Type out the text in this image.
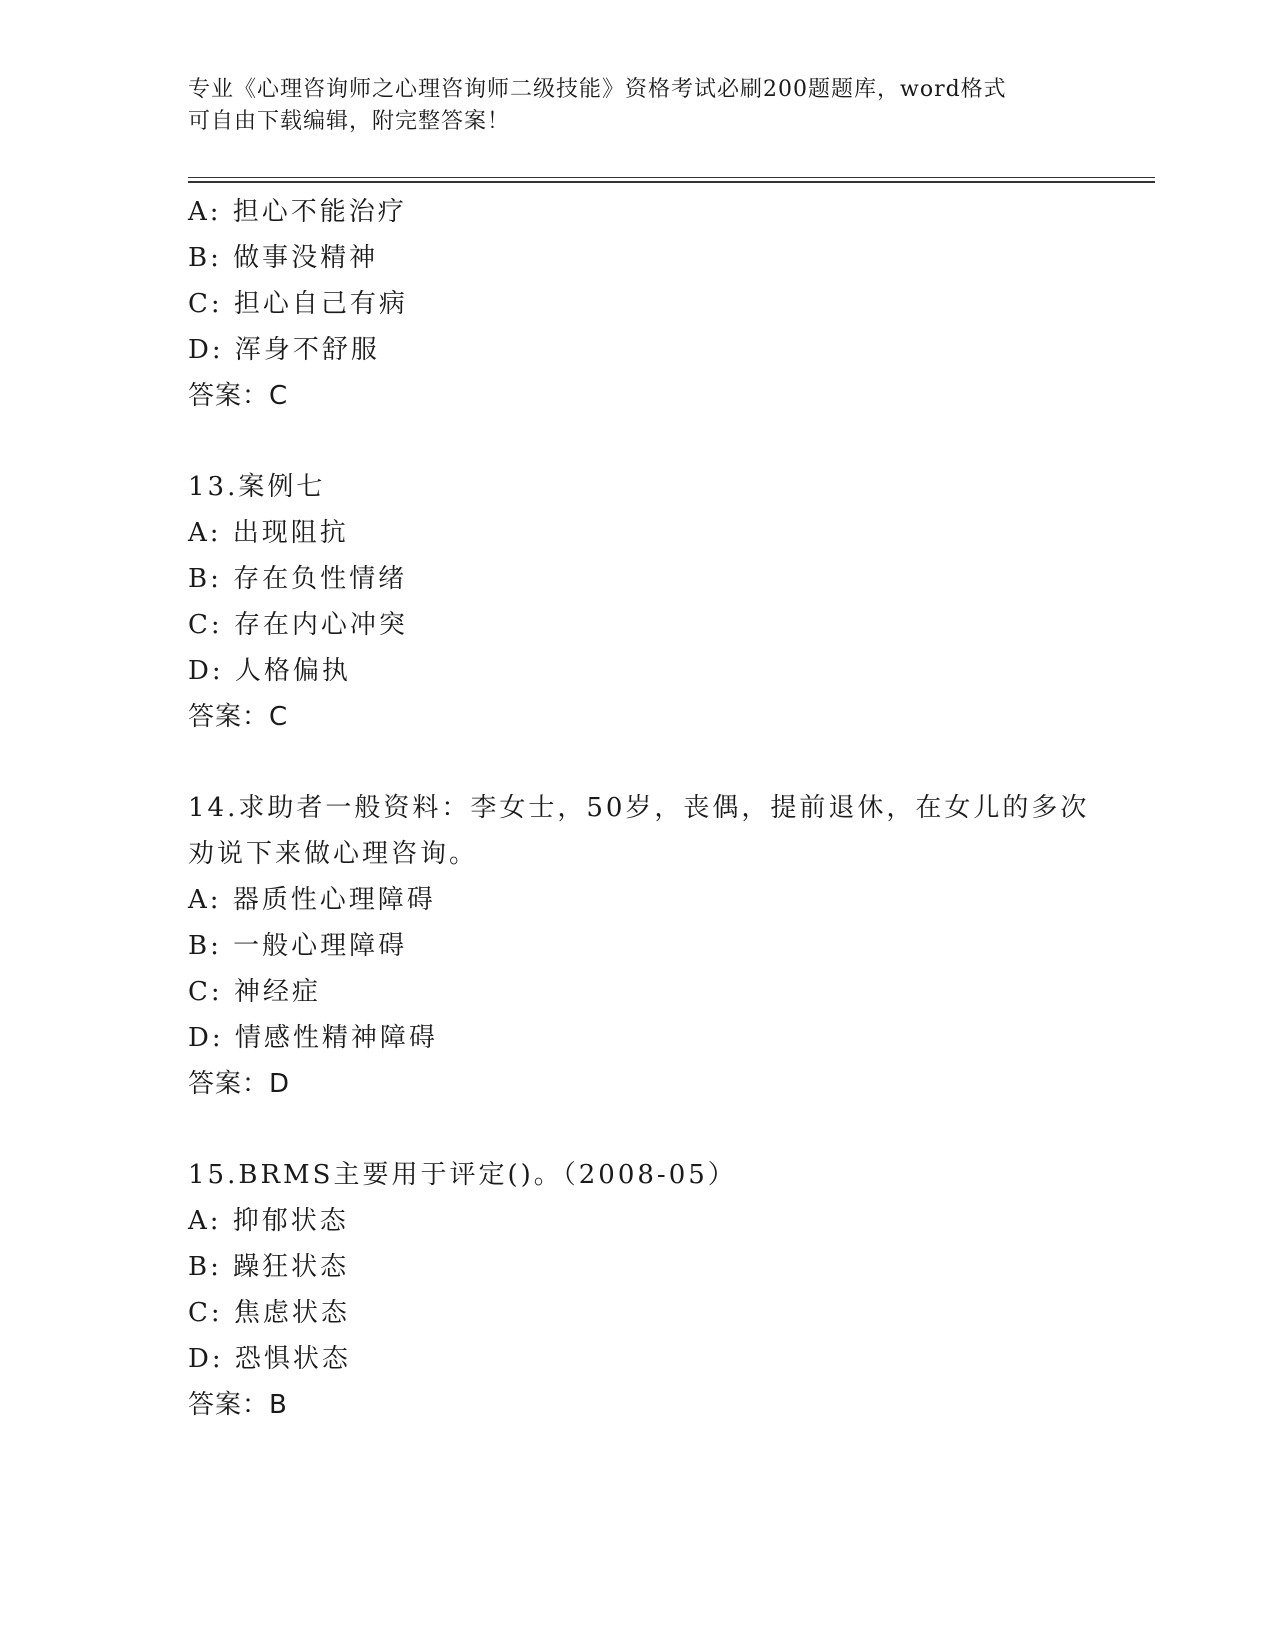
专业《心理咨询师之心理咨询师二级技能》资格考试必刷200题题库，word格式
可自由下载编辑，附完整答案！
A: 担心不能治疗
B: 做事没精神
C: 担心自己有病
D: 浑身不舒服
答案：C
13.案例七
A: 出现阻抗
B: 存在负性情绪
C: 存在内心冲突
D: 人格偏执
答案：C
14.求助者一般资料：李女士，50岁，丧偶，提前退休，在女儿的多次
劝说下来做心理咨询。
A: 器质性心理障碍
B: 一般心理障碍
C: 神经症
D: 情感性精神障碍
答案：D
15.BRMS主要用于评定()。（2008-05）
A: 抑郁状态
B: 躁狂状态
C: 焦虑状态
D: 恐惧状态
答案：B
